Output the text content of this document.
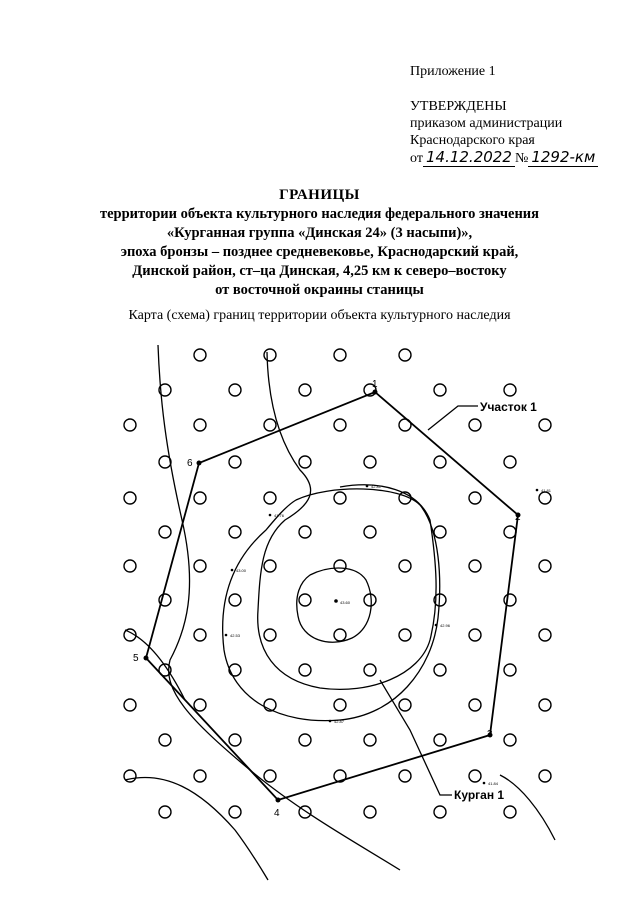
Приложение 1
УТВЕРЖДЕНЫ
приказом администрации
Краснодарского края
от 14.12.2022 № 1292-км
ГРАНИЦЫ
территории объекта культурного наследия федерального значения
«Курганная группа «Динская 24» (3 насыпи)»,
эпоха бронзы – позднее средневековье, Краснодарский край,
Динской район, ст–ца Динская, 4,25 км к северо–востоку
от восточной окраины станицы
Карта (схема) границ территории объекта культурного наследия
43.60
42.81
41.81
43.00
42.53
42.87
42.96
41.76
41.84
1
2
3
4
5
6
Участок 1
Курган 1
